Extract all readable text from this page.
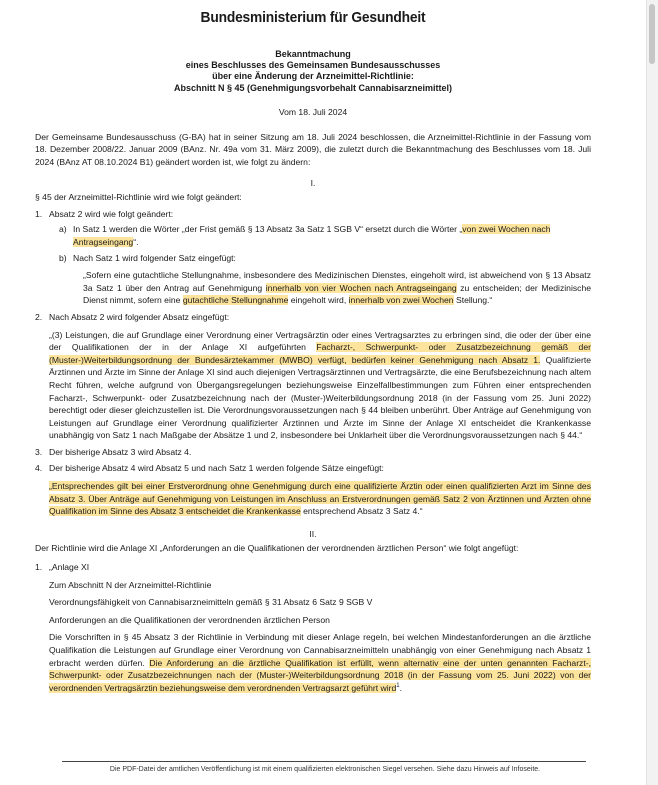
Bundesministerium für Gesundheit
Bekanntmachung
eines Beschlusses des Gemeinsamen Bundesausschusses
über eine Änderung der Arzneimittel-Richtlinie:
Abschnitt N § 45 (Genehmigungsvorbehalt Cannabisarzneimittel)
Vom 18. Juli 2024

Der Gemeinsame Bundesausschuss (G-BA) hat in seiner Sitzung am 18. Juli 2024 beschlossen, die Arzneimittel-Richtlinie in der Fassung vom 18. Dezember 2008/22. Januar 2009 (BAnz. Nr. 49a vom 31. März 2009), die zuletzt durch die Bekanntmachung des Beschlusses vom 18. Juli 2024 (BAnz AT 08.10.2024 B1) geändert worden ist, wie folgt zu ändern:

I.

§ 45 der Arzneimittel-Richtlinie wird wie folgt geändert:

1. Absatz 2 wird wie folgt geändert:

a) In Satz 1 werden die Wörter „der Frist gemäß § 13 Absatz 3a Satz 1 SGB V“ ersetzt durch die Wörter „von zwei Wochen nach Antragseingang“.

b) Nach Satz 1 wird folgender Satz eingefügt:

„Sofern eine gutachtliche Stellungnahme, insbesondere des Medizinischen Dienstes, eingeholt wird, ist abweichend von § 13 Absatz 3a Satz 1 über den Antrag auf Genehmigung innerhalb von vier Wochen nach Antragseingang zu entscheiden; der Medizinische Dienst nimmt, sofern eine gutachtliche Stellungnahme eingeholt wird, innerhalb von zwei Wochen Stellung.“

2. Nach Absatz 2 wird folgender Absatz eingefügt:

„(3) Leistungen, die auf Grundlage einer Verordnung einer Vertragsärztin oder eines Vertragsarztes zu erbringen sind, die oder der über eine der Qualifikationen der in der Anlage XI aufgeführten Facharzt-, Schwerpunkt- oder Zusatzbezeichnung gemäß der (Muster-)Weiterbildungsordnung der Bundesärztekammer (MWBO) verfügt, bedürfen keiner Genehmigung nach Absatz 1. Qualifizierte Ärztinnen und Ärzte im Sinne der Anlage XI sind auch diejenigen Vertragsärztinnen und Vertragsärzte, die eine Berufsbezeichnung nach altem Recht führen, welche aufgrund von Übergangsregelungen beziehungsweise Einzelfallbestimmungen zum Führen einer entsprechenden Facharzt-, Schwerpunkt- oder Zusatzbezeichnung nach der (Muster-)Weiterbildungsordnung 2018 (in der Fassung vom 25. Juni 2022) berechtigt oder dieser gleichzustellen ist. Die Verordnungsvoraussetzungen nach § 44 bleiben unberührt. Über Anträge auf Genehmigung von Leistungen auf Grundlage einer Verordnung qualifizierter Ärztinnen und Ärzte im Sinne der Anlage XI entscheidet die Krankenkasse unabhängig von Satz 1 nach Maßgabe der Absätze 1 und 2, insbesondere bei Unklarheit über die Verordnungsvoraussetzungen nach § 44.“

3. Der bisherige Absatz 3 wird Absatz 4.

4. Der bisherige Absatz 4 wird Absatz 5 und nach Satz 1 werden folgende Sätze eingefügt:

„Entsprechendes gilt bei einer Erstverordnung ohne Genehmigung durch eine qualifizierte Ärztin oder einen qualifizierten Arzt im Sinne des Absatz 3. Über Anträge auf Genehmigung von Leistungen im Anschluss an Erstverordnungen gemäß Satz 2 von Ärztinnen und Ärzten ohne Qualifikation im Sinne des Absatz 3 entscheidet die Krankenkasse entsprechend Absatz 3 Satz 4.“

II.

Der Richtlinie wird die Anlage XI „Anforderungen an die Qualifikationen der verordnenden ärztlichen Person“ wie folgt angefügt:

1. „Anlage XI

Zum Abschnitt N der Arzneimittel-Richtlinie

Verordnungsfähigkeit von Cannabisarzneimitteln gemäß § 31 Absatz 6 Satz 9 SGB V

Anforderungen an die Qualifikationen der verordnenden ärztlichen Person

Die Vorschriften in § 45 Absatz 3 der Richtlinie in Verbindung mit dieser Anlage regeln, bei welchen Mindestanforderungen an die ärztliche Qualifikation die Leistungen auf Grundlage einer Verordnung von Cannabisarzneimitteln unabhängig von einer Genehmigung nach Absatz 1 erbracht werden dürfen. Die Anforderung an die ärztliche Qualifikation ist erfüllt, wenn alternativ eine der unten genannten Facharzt-, Schwerpunkt- oder Zusatzbezeichnungen nach der (Muster-)Weiterbildungsordnung 2018 (in der Fassung vom 25. Juni 2022) von der verordnenden Vertragsärztin beziehungsweise dem verordnenden Vertragsarzt geführt wird$^1$.

Die PDF-Datei der amtlichen Veröffentlichung ist mit einem qualifizierten elektronischen Siegel versehen. Siehe dazu Hinweis auf Infoseite.
